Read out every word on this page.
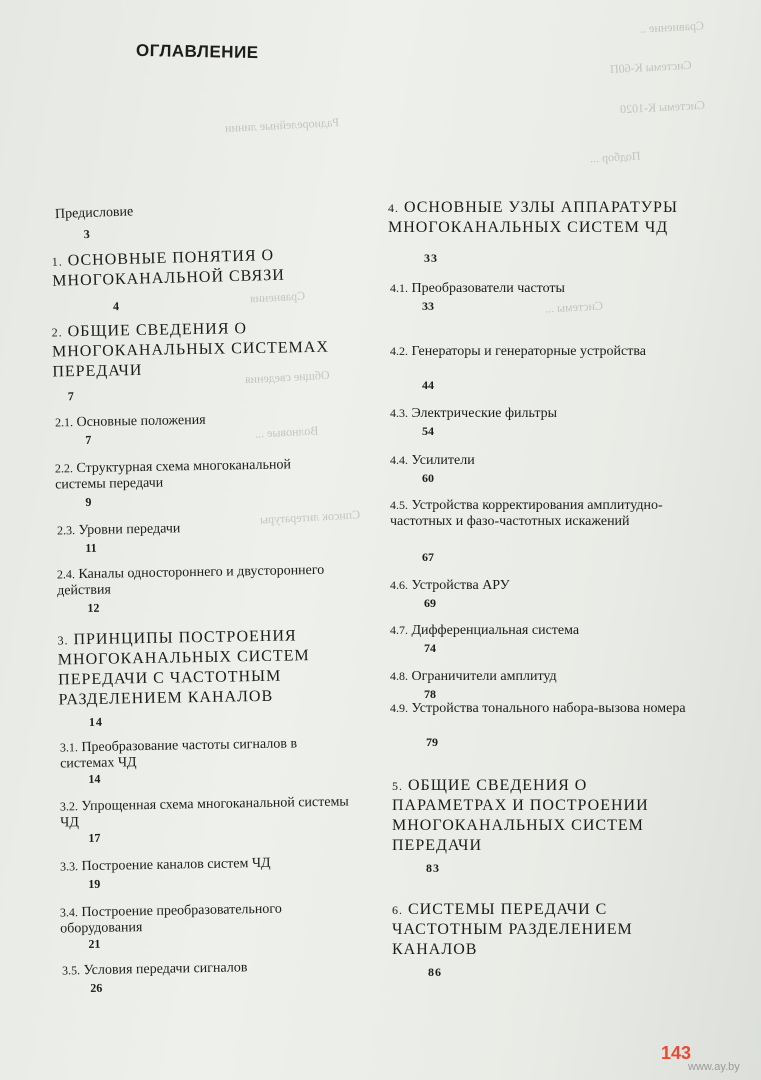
Сравнение ..
Системы К-60П
Системы К-1020
Радиорелейные линии
Подбор ...
Сравнения
Системы ...
Общие сведения
Волновые ...
Список литературы
ОГЛАВЛЕНИЕ
Предисловие
3
1. ОСНОВНЫЕ ПОНЯТИЯ О МНОГОКАНАЛЬНОЙ СВЯЗИ
4
2. ОБЩИЕ СВЕДЕНИЯ О МНОГОКАНАЛЬНЫХ СИСТЕМАХ ПЕРЕДАЧИ
7
2.1. Основные положения
7
2.2. Структурная схема многоканальной системы передачи
9
2.3. Уровни передачи
11
2.4. Каналы одностороннего и двустороннего действия
12
3. ПРИНЦИПЫ ПОСТРОЕНИЯ МНОГОКАНАЛЬНЫХ СИСТЕМ ПЕРЕДАЧИ С ЧАСТОТНЫМ РАЗДЕЛЕНИЕМ КАНАЛОВ
14
3.1. Преобразование частоты сигналов в системах ЧД
14
3.2. Упрощенная схема многоканальной системы ЧД
17
3.3. Построение каналов систем ЧД
19
3.4. Построение преобразовательного оборудования
21
3.5. Условия передачи сигналов
26
4. ОСНОВНЫЕ УЗЛЫ АППАРАТУРЫ МНОГОКАНАЛЬНЫХ СИСТЕМ ЧД
33
4.1. Преобразователи частоты
33
4.2. Генераторы и генераторные устройства
44
4.3. Электрические фильтры
54
4.4. Усилители
60
4.5. Устройства корректирования амплитудно-частотных и фазо-частотных искажений
67
4.6. Устройства АРУ
69
4.7. Дифференциальная система
74
4.8. Ограничители амплитуд
78
4.9. Устройства тонального набора-вызова номера
79
5. ОБЩИЕ СВЕДЕНИЯ О ПАРАМЕТРАХ И ПОСТРОЕНИИ МНОГОКАНАЛЬНЫХ СИСТЕМ ПЕРЕДАЧИ
83
6. СИСТЕМЫ ПЕРЕДАЧИ С ЧАСТОТНЫМ РАЗДЕЛЕНИЕМ КАНАЛОВ
86
143
www.ay.by
